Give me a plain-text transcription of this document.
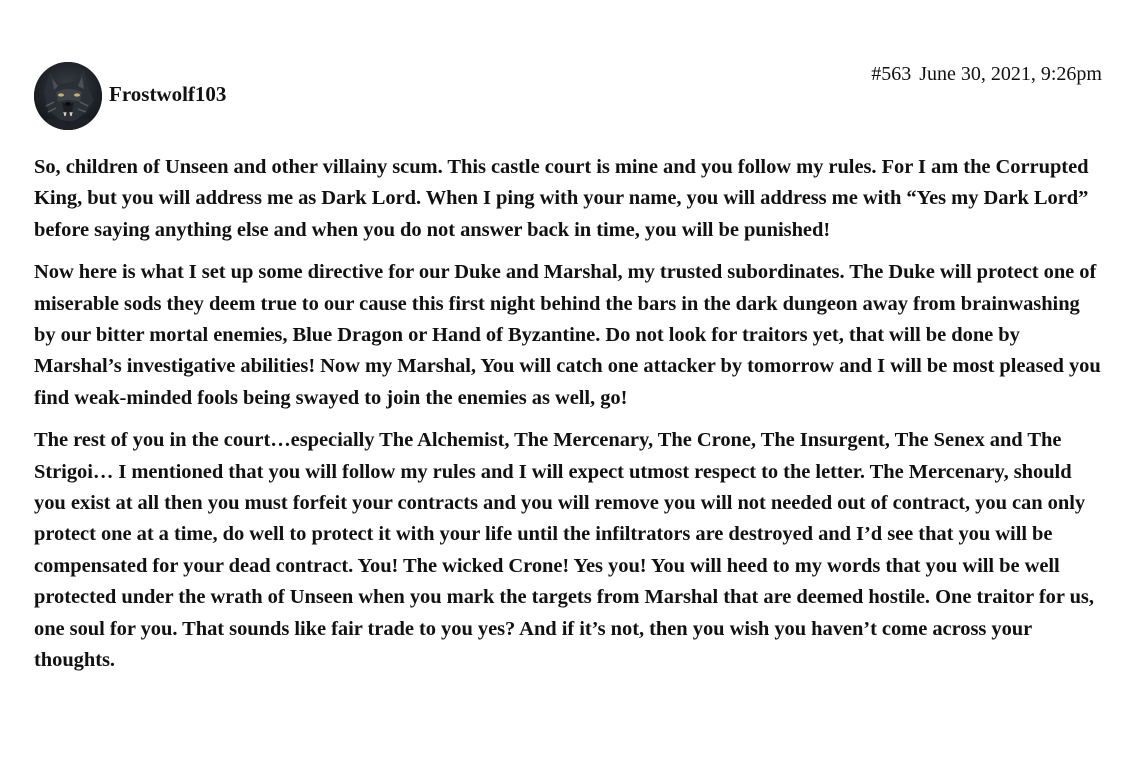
Frostwolf103
#563 June 30, 2021, 9:26pm

So, children of Unseen and other villainy scum. This castle court is mine and you follow my rules. For I am the Corrupted King, but you will address me as Dark Lord. When I ping with your name, you will address me with “Yes my Dark Lord” before saying anything else and when you do not answer back in time, you will be punished!

Now here is what I set up some directive for our Duke and Marshal, my trusted subordinates. The Duke will protect one of miserable sods they deem true to our cause this first night behind the bars in the dark dungeon away from brainwashing by our bitter mortal enemies, Blue Dragon or Hand of Byzantine. Do not look for traitors yet, that will be done by Marshal’s investigative abilities! Now my Marshal, You will catch one attacker by tomorrow and I will be most pleased you find weak-minded fools being swayed to join the enemies as well, go!

The rest of you in the court…especially The Alchemist, The Mercenary, The Crone, The Insurgent, The Senex and The Strigoi… I mentioned that you will follow my rules and I will expect utmost respect to the letter. The Mercenary, should you exist at all then you must forfeit your contracts and you will remove you will not needed out of contract, you can only protect one at a time, do well to protect it with your life until the infiltrators are destroyed and I’d see that you will be compensated for your dead contract. You! The wicked Crone! Yes you! You will heed to my words that you will be well protected under the wrath of Unseen when you mark the targets from Marshal that are deemed hostile. One traitor for us, one soul for you. That sounds like fair trade to you yes? And if it’s not, then you wish you haven’t come across your thoughts.
